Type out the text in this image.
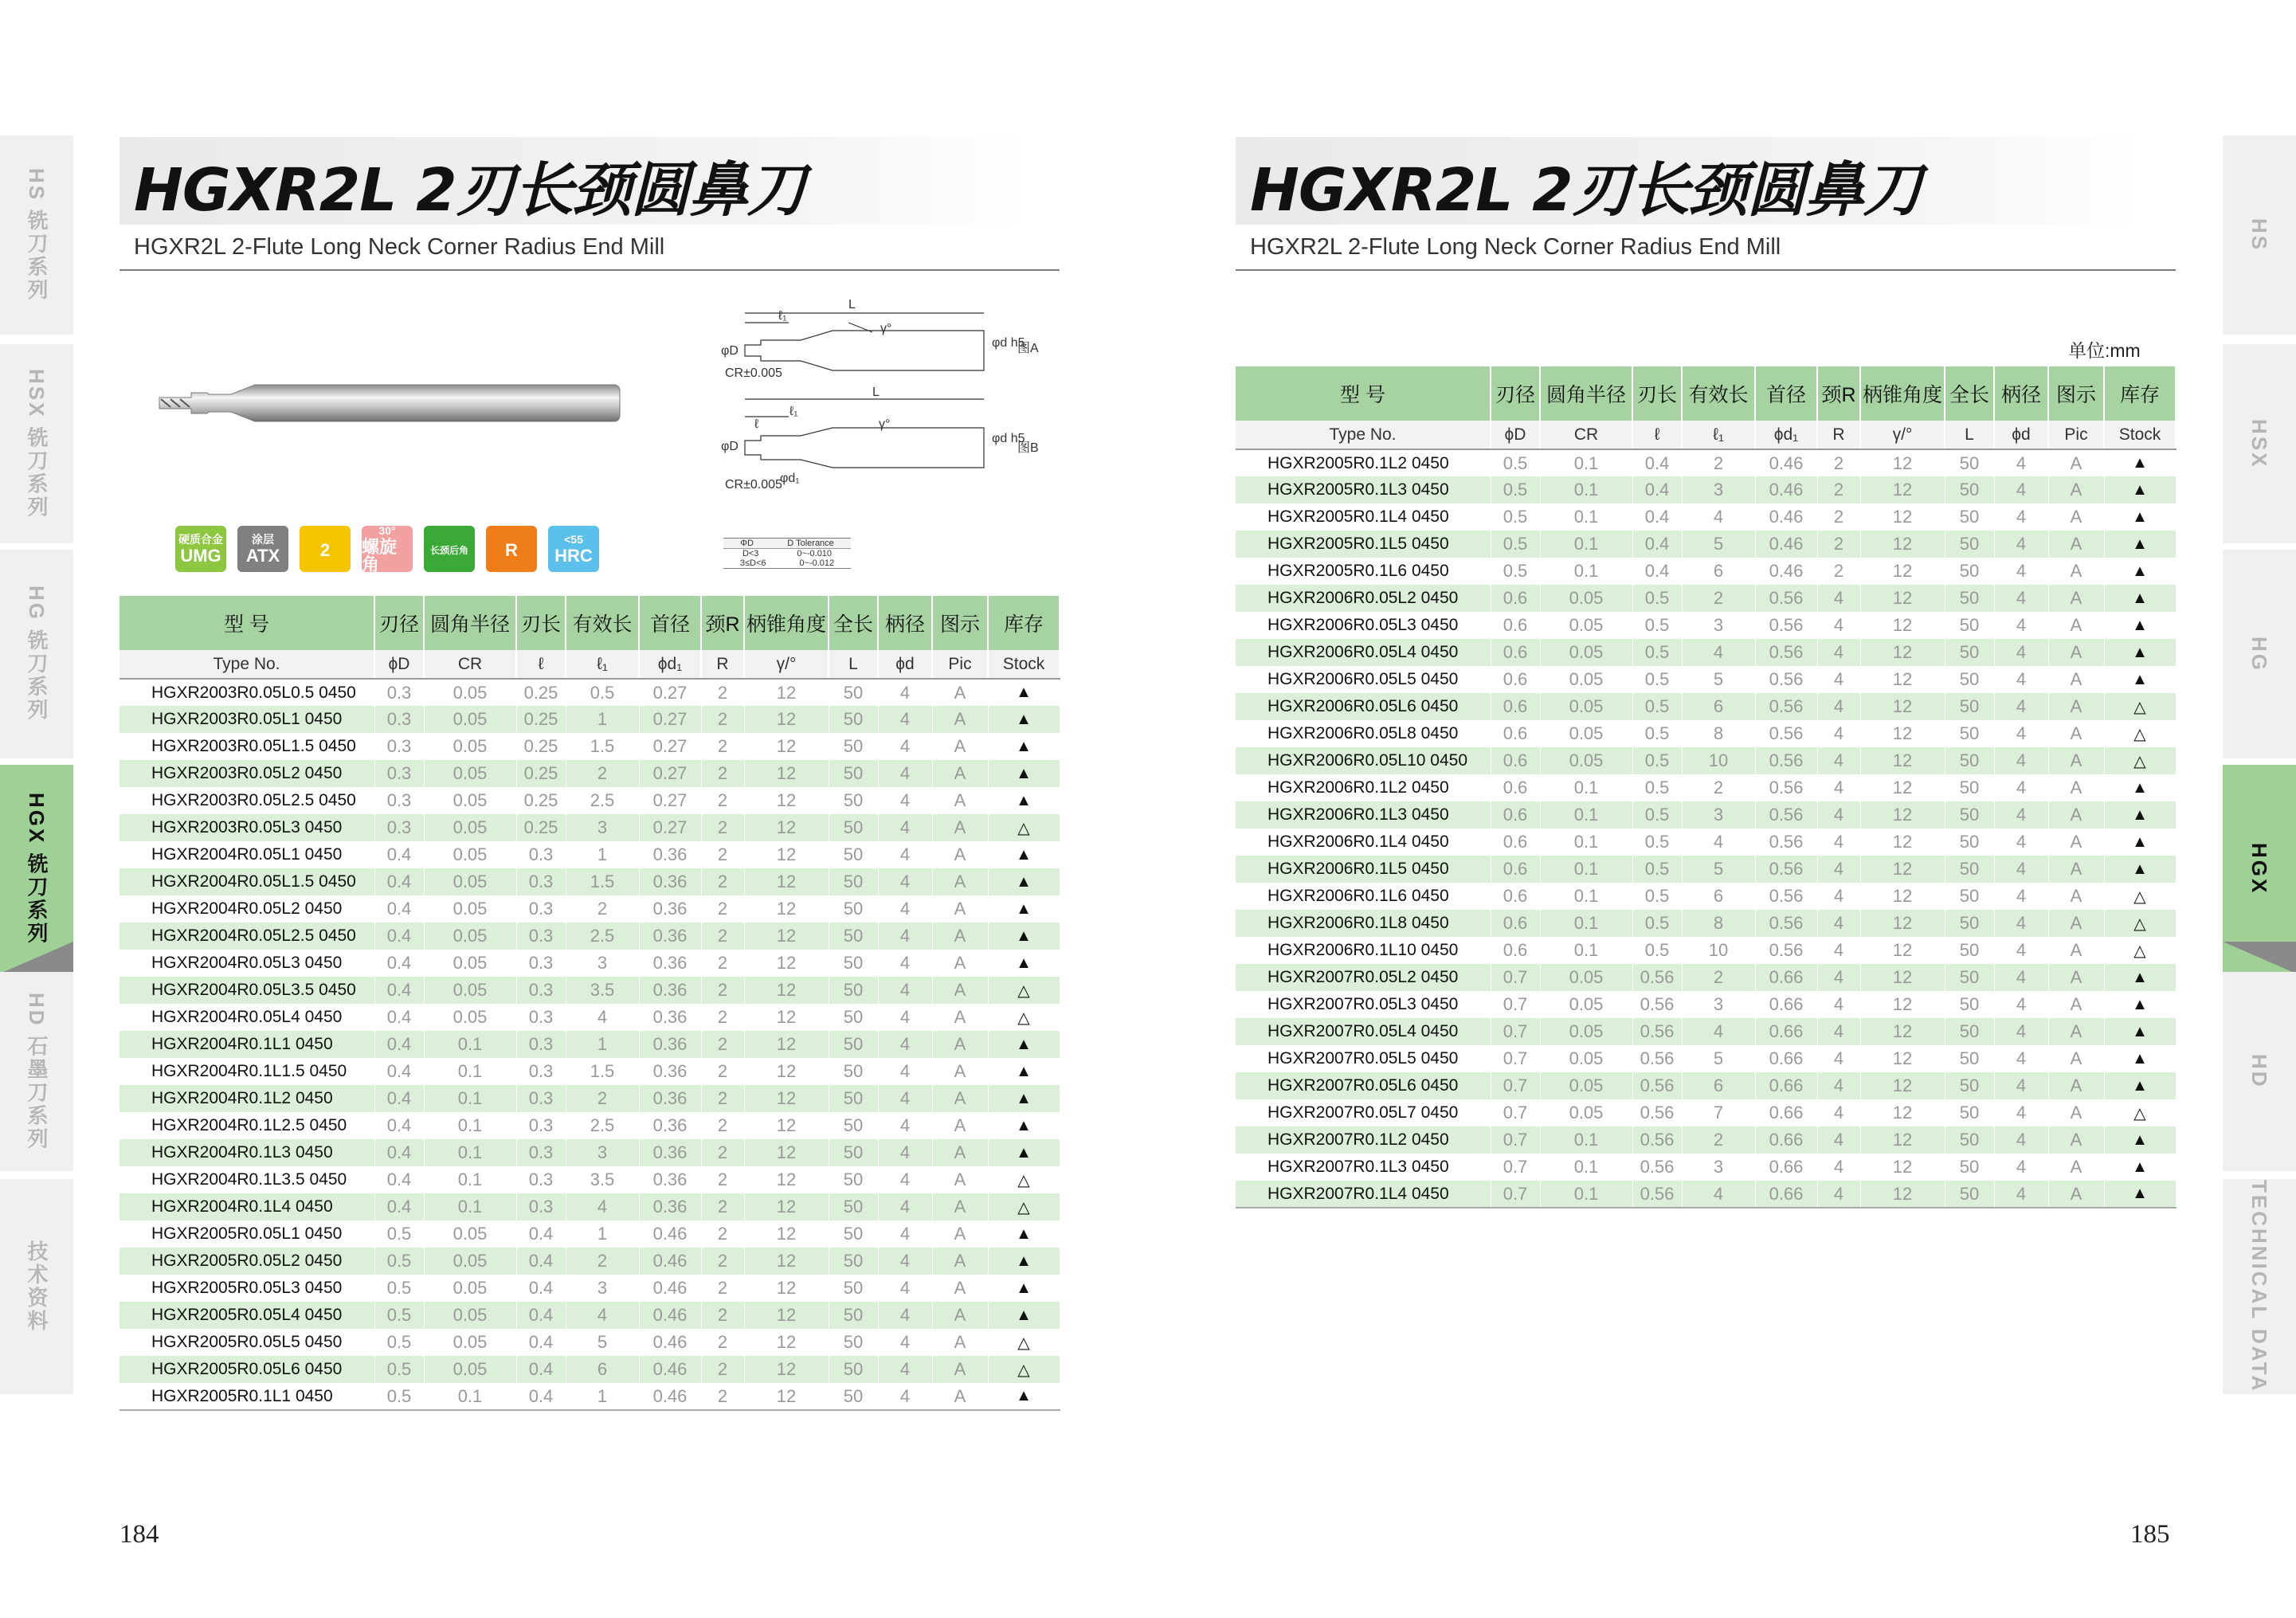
HS 铣刀系列
HSX 铣刀系列
HG 铣刀系列
HGX 铣刀系列
HD 石墨刀系列
技术资料
HGXR2L 2刃长颈圆鼻刀
HGXR2L 2-Flute Long Neck Corner Radius End Mill
L
ℓ₁
γ°
φD
φd h5
CR±0.005
图A
L
ℓ
ℓ₁
γ°
φD
φd₁
φd h5
CR±0.005
图B
硬质合金
UMG
涂层
ATX 2
30°
螺旋角
长颈后角 R
<55
HRC
ΦD	D Tolerance
D<3	0~-0.010
3≤D<6	0~-0.012
型 号	刃径	圆角半径	刃长	有效长	首径	颈R	柄锥角度	全长	柄径	图示	库存
Type No.	ϕD	CR	ℓ	ℓ₁	ϕd₁	R	γ/°	L	ϕd	Pic	Stock
HGXR2003R0.05L0.5 0450	0.3	0.05	0.25	0.5	0.27	2	12	50	4	A	▲
HGXR2003R0.05L1 0450	0.3	0.05	0.25	1	0.27	2	12	50	4	A	▲
HGXR2003R0.05L1.5 0450	0.3	0.05	0.25	1.5	0.27	2	12	50	4	A	▲
HGXR2003R0.05L2 0450	0.3	0.05	0.25	2	0.27	2	12	50	4	A	▲
HGXR2003R0.05L2.5 0450	0.3	0.05	0.25	2.5	0.27	2	12	50	4	A	▲
HGXR2003R0.05L3 0450	0.3	0.05	0.25	3	0.27	2	12	50	4	A	△
HGXR2004R0.05L1 0450	0.4	0.05	0.3	1	0.36	2	12	50	4	A	▲
HGXR2004R0.05L1.5 0450	0.4	0.05	0.3	1.5	0.36	2	12	50	4	A	▲
HGXR2004R0.05L2 0450	0.4	0.05	0.3	2	0.36	2	12	50	4	A	▲
HGXR2004R0.05L2.5 0450	0.4	0.05	0.3	2.5	0.36	2	12	50	4	A	▲
HGXR2004R0.05L3 0450	0.4	0.05	0.3	3	0.36	2	12	50	4	A	▲
HGXR2004R0.05L3.5 0450	0.4	0.05	0.3	3.5	0.36	2	12	50	4	A	△
HGXR2004R0.05L4 0450	0.4	0.05	0.3	4	0.36	2	12	50	4	A	△
HGXR2004R0.1L1 0450	0.4	0.1	0.3	1	0.36	2	12	50	4	A	▲
HGXR2004R0.1L1.5 0450	0.4	0.1	0.3	1.5	0.36	2	12	50	4	A	▲
HGXR2004R0.1L2 0450	0.4	0.1	0.3	2	0.36	2	12	50	4	A	▲
HGXR2004R0.1L2.5 0450	0.4	0.1	0.3	2.5	0.36	2	12	50	4	A	▲
HGXR2004R0.1L3 0450	0.4	0.1	0.3	3	0.36	2	12	50	4	A	▲
HGXR2004R0.1L3.5 0450	0.4	0.1	0.3	3.5	0.36	2	12	50	4	A	△
HGXR2004R0.1L4 0450	0.4	0.1	0.3	4	0.36	2	12	50	4	A	△
HGXR2005R0.05L1 0450	0.5	0.05	0.4	1	0.46	2	12	50	4	A	▲
HGXR2005R0.05L2 0450	0.5	0.05	0.4	2	0.46	2	12	50	4	A	▲
HGXR2005R0.05L3 0450	0.5	0.05	0.4	3	0.46	2	12	50	4	A	▲
HGXR2005R0.05L4 0450	0.5	0.05	0.4	4	0.46	2	12	50	4	A	▲
HGXR2005R0.05L5 0450	0.5	0.05	0.4	5	0.46	2	12	50	4	A	△
HGXR2005R0.05L6 0450	0.5	0.05	0.4	6	0.46	2	12	50	4	A	△
HGXR2005R0.1L1 0450	0.5	0.1	0.4	1	0.46	2	12	50	4	A	▲
184
HS
HSX
HG
HGX
HD
TECHNICAL DATA
HGXR2L 2刃长颈圆鼻刀
HGXR2L 2-Flute Long Neck Corner Radius End Mill
单位:mm
型 号	刃径	圆角半径	刃长	有效长	首径	颈R	柄锥角度	全长	柄径	图示	库存
Type No.	ϕD	CR	ℓ	ℓ₁	ϕd₁	R	γ/°	L	ϕd	Pic	Stock
HGXR2005R0.1L2 0450	0.5	0.1	0.4	2	0.46	2	12	50	4	A	▲
HGXR2005R0.1L3 0450	0.5	0.1	0.4	3	0.46	2	12	50	4	A	▲
HGXR2005R0.1L4 0450	0.5	0.1	0.4	4	0.46	2	12	50	4	A	▲
HGXR2005R0.1L5 0450	0.5	0.1	0.4	5	0.46	2	12	50	4	A	▲
HGXR2005R0.1L6 0450	0.5	0.1	0.4	6	0.46	2	12	50	4	A	▲
HGXR2006R0.05L2 0450	0.6	0.05	0.5	2	0.56	4	12	50	4	A	▲
HGXR2006R0.05L3 0450	0.6	0.05	0.5	3	0.56	4	12	50	4	A	▲
HGXR2006R0.05L4 0450	0.6	0.05	0.5	4	0.56	4	12	50	4	A	▲
HGXR2006R0.05L5 0450	0.6	0.05	0.5	5	0.56	4	12	50	4	A	▲
HGXR2006R0.05L6 0450	0.6	0.05	0.5	6	0.56	4	12	50	4	A	△
HGXR2006R0.05L8 0450	0.6	0.05	0.5	8	0.56	4	12	50	4	A	△
HGXR2006R0.05L10 0450	0.6	0.05	0.5	10	0.56	4	12	50	4	A	△
HGXR2006R0.1L2 0450	0.6	0.1	0.5	2	0.56	4	12	50	4	A	▲
HGXR2006R0.1L3 0450	0.6	0.1	0.5	3	0.56	4	12	50	4	A	▲
HGXR2006R0.1L4 0450	0.6	0.1	0.5	4	0.56	4	12	50	4	A	▲
HGXR2006R0.1L5 0450	0.6	0.1	0.5	5	0.56	4	12	50	4	A	▲
HGXR2006R0.1L6 0450	0.6	0.1	0.5	6	0.56	4	12	50	4	A	△
HGXR2006R0.1L8 0450	0.6	0.1	0.5	8	0.56	4	12	50	4	A	△
HGXR2006R0.1L10 0450	0.6	0.1	0.5	10	0.56	4	12	50	4	A	△
HGXR2007R0.05L2 0450	0.7	0.05	0.56	2	0.66	4	12	50	4	A	▲
HGXR2007R0.05L3 0450	0.7	0.05	0.56	3	0.66	4	12	50	4	A	▲
HGXR2007R0.05L4 0450	0.7	0.05	0.56	4	0.66	4	12	50	4	A	▲
HGXR2007R0.05L5 0450	0.7	0.05	0.56	5	0.66	4	12	50	4	A	▲
HGXR2007R0.05L6 0450	0.7	0.05	0.56	6	0.66	4	12	50	4	A	▲
HGXR2007R0.05L7 0450	0.7	0.05	0.56	7	0.66	4	12	50	4	A	△
HGXR2007R0.1L2 0450	0.7	0.1	0.56	2	0.66	4	12	50	4	A	▲
HGXR2007R0.1L3 0450	0.7	0.1	0.56	3	0.66	4	12	50	4	A	▲
HGXR2007R0.1L4 0450	0.7	0.1	0.56	4	0.66	4	12	50	4	A	▲
185
